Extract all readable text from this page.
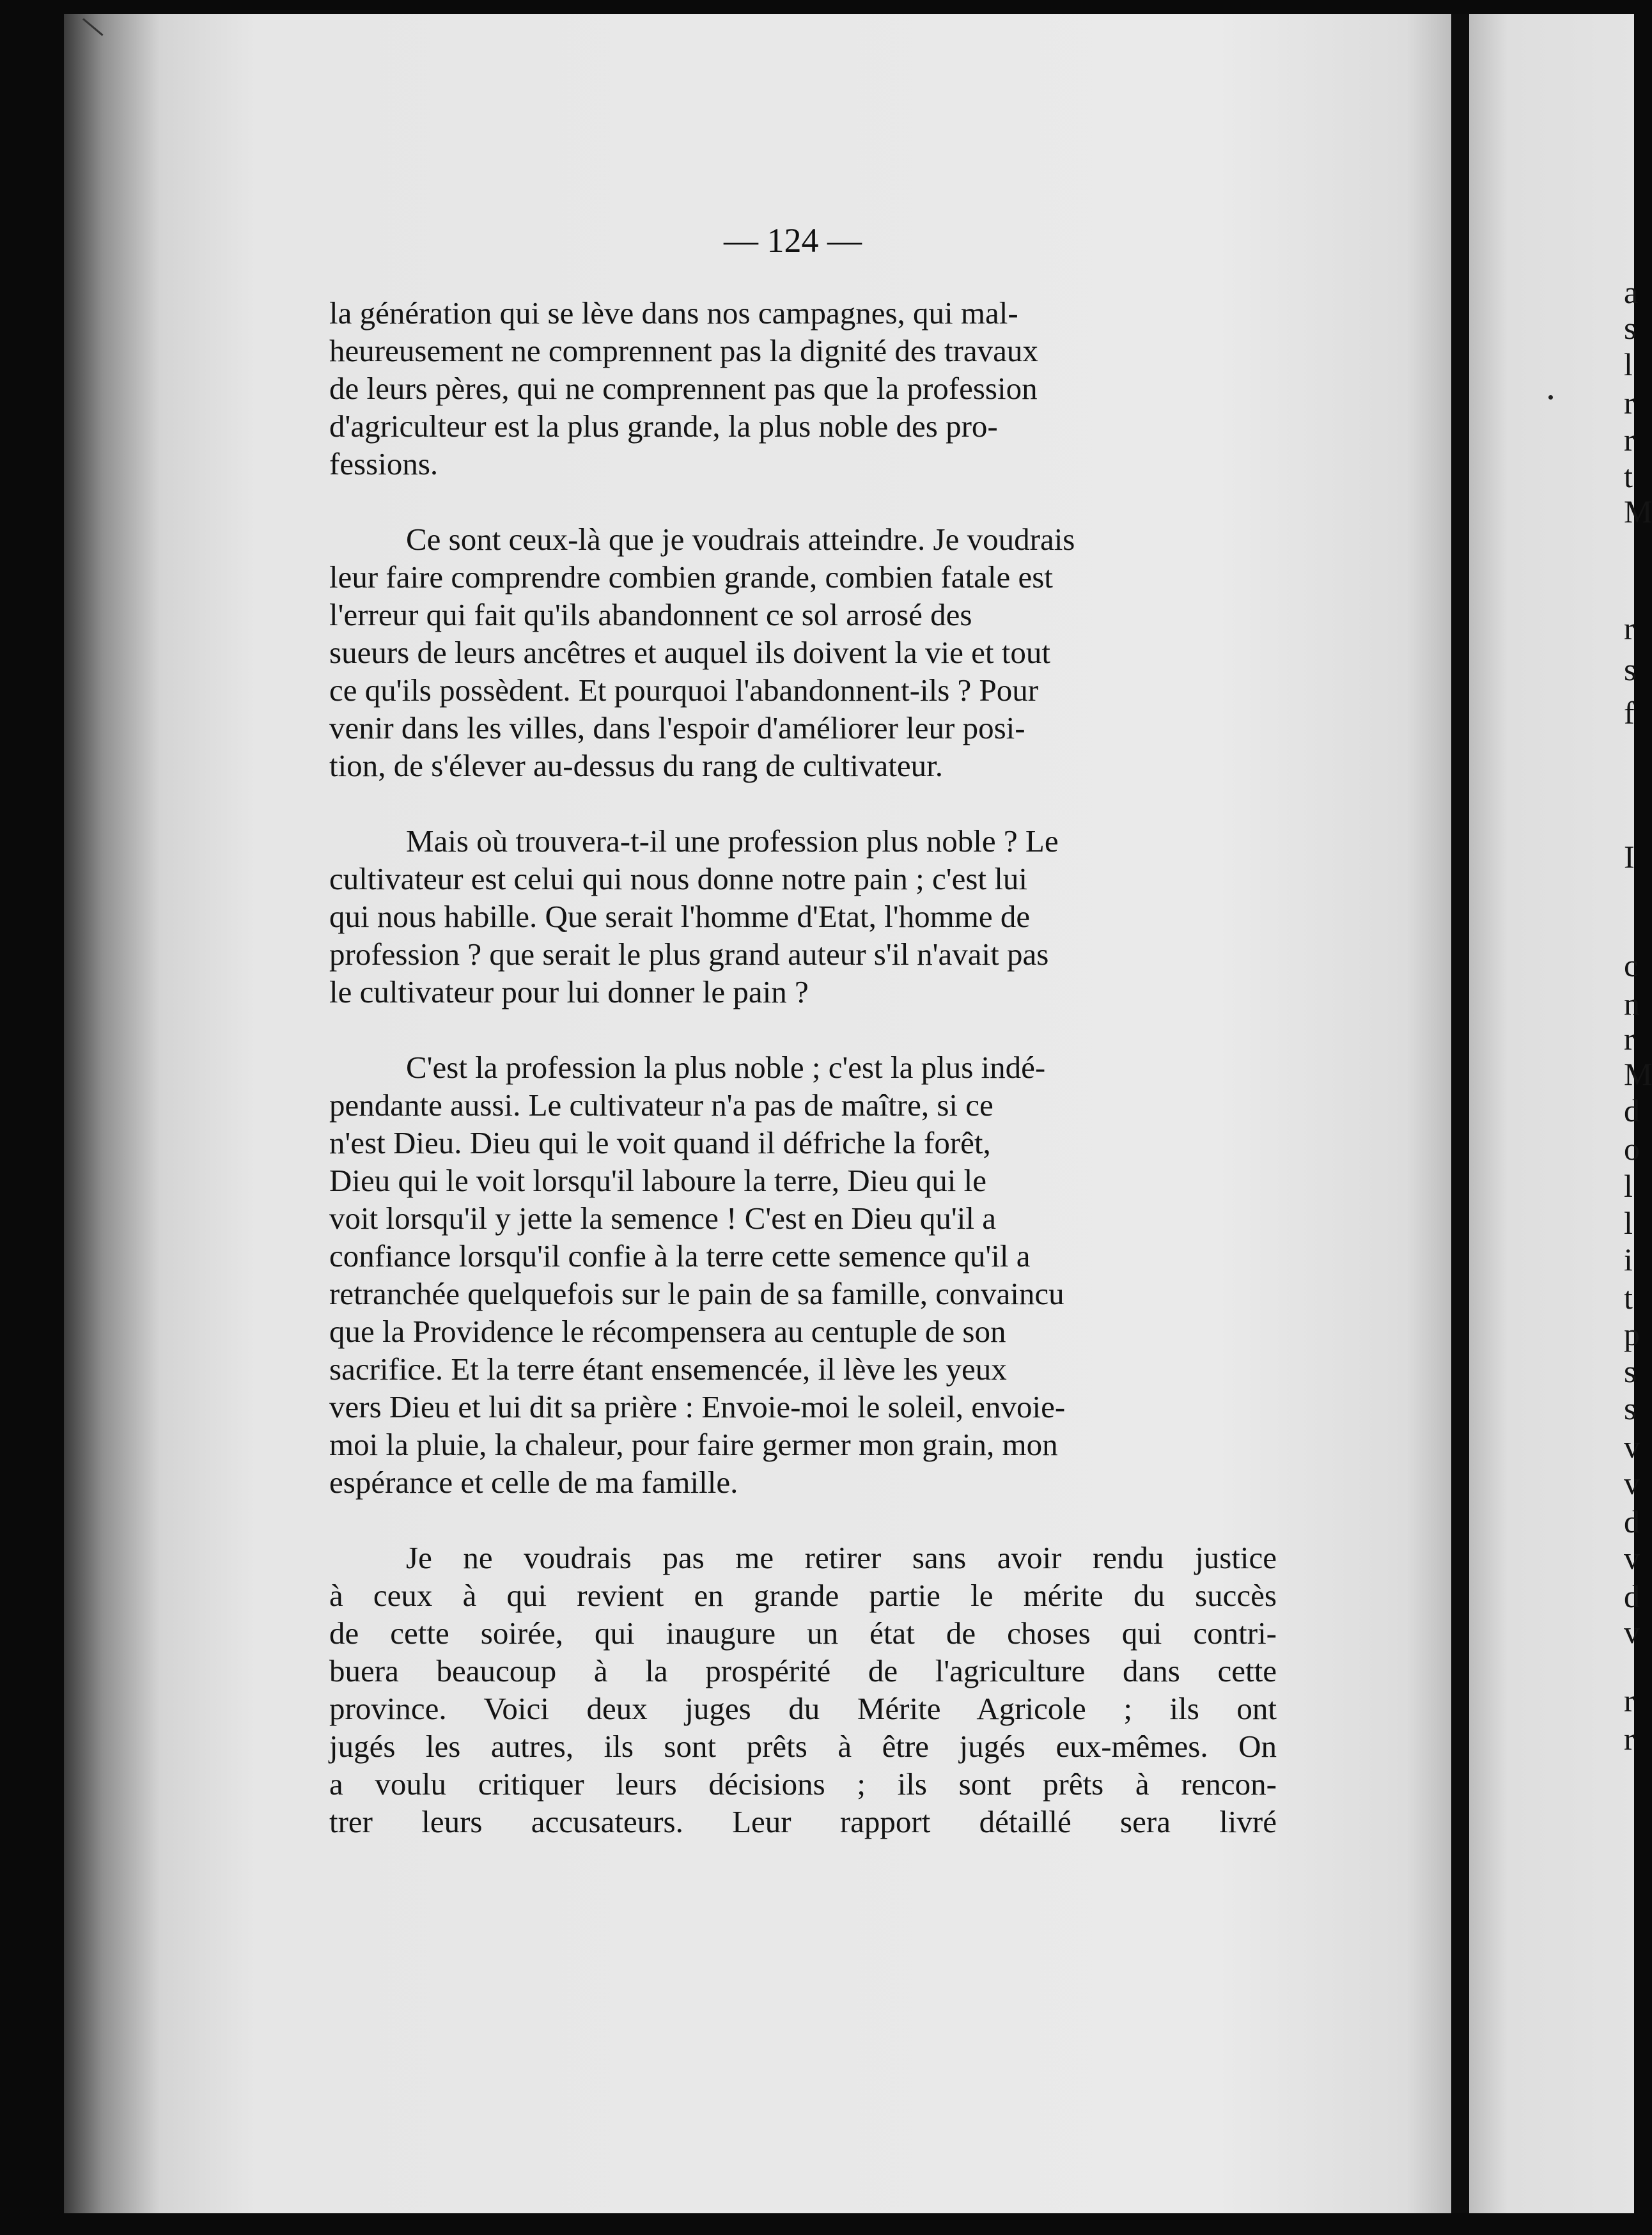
— 124 —

la génération qui se lève dans nos campagnes, qui mal-
heureusement ne comprennent pas la dignité des travaux
de leurs pères, qui ne comprennent pas que la profession
d'agriculteur est la plus grande, la plus noble des pro-
fessions.

Ce sont ceux-là que je voudrais atteindre. Je voudrais
leur faire comprendre combien grande, combien fatale est
l'erreur qui fait qu'ils abandonnent ce sol arrosé des
sueurs de leurs ancêtres et auquel ils doivent la vie et tout
ce qu'ils possèdent. Et pourquoi l'abandonnent-ils ? Pour
venir dans les villes, dans l'espoir d'améliorer leur posi-
tion, de s'élever au-dessus du rang de cultivateur.

Mais où trouvera-t-il une profession plus noble ? Le
cultivateur est celui qui nous donne notre pain ; c'est lui
qui nous habille. Que serait l'homme d'Etat, l'homme de
profession ? que serait le plus grand auteur s'il n'avait pas
le cultivateur pour lui donner le pain ?

C'est la profession la plus noble ; c'est la plus indé-
pendante aussi. Le cultivateur n'a pas de maître, si ce
n'est Dieu. Dieu qui le voit quand il défriche la forêt,
Dieu qui le voit lorsqu'il laboure la terre, Dieu qui le
voit lorsqu'il y jette la semence ! C'est en Dieu qu'il a
confiance lorsqu'il confie à la terre cette semence qu'il a
retranchée quelquefois sur le pain de sa famille, convaincu
que la Providence le récompensera au centuple de son
sacrifice. Et la terre étant ensemencée, il lève les yeux
vers Dieu et lui dit sa prière : Envoie-moi le soleil, envoie-
moi la pluie, la chaleur, pour faire germer mon grain, mon
espérance et celle de ma famille.

Je ne voudrais pas me retirer sans avoir rendu justice
à ceux à qui revient en grande partie le mérite du succès
de cette soirée, qui inaugure un état de choses qui contri-
buera beaucoup à la prospérité de l'agriculture dans cette
province. Voici deux juges du Mérite Agricole ; ils ont
jugés les autres, ils sont prêts à être jugés eux-mêmes. On
a voulu critiquer leurs décisions ; ils sont prêts à rencon-
trer leurs accusateurs. Leur rapport détaillé sera livré

a
s
l
r
r
t
M
r
s
f
I
c
n
r
M
d
o
l
l
i
t
p
s
s
v
v
d
v
d
v
r
r
